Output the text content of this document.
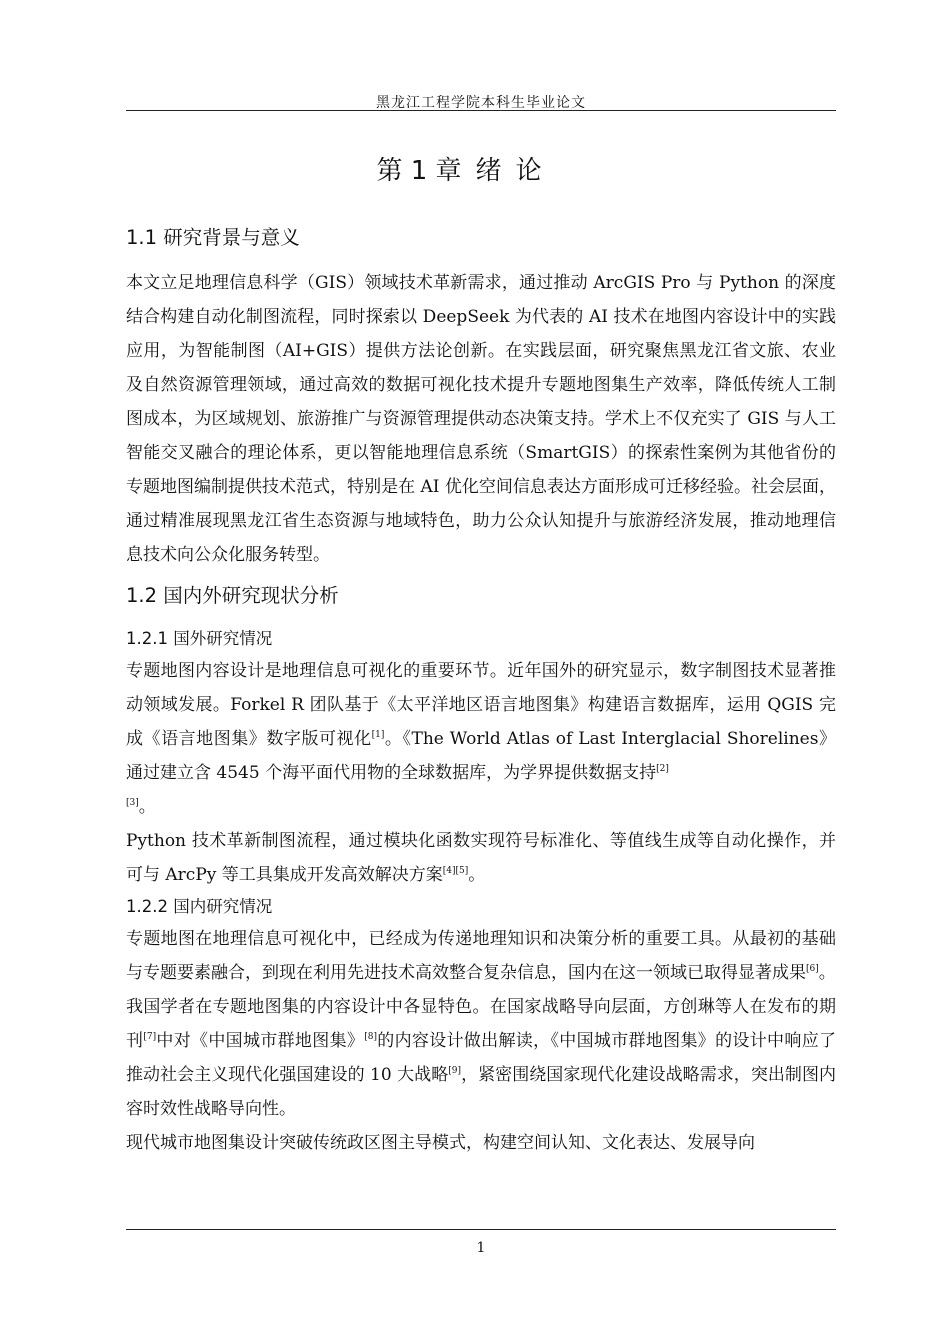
黑龙江工程学院本科生毕业论文
第 1 章 绪 论
1.1 研究背景与意义

本文立足地理信息科学（GIS）领域技术革新需求，通过推动 ArcGIS Pro 与 Python 的深度结合构建自动化制图流程，同时探索以 DeepSeek 为代表的 AI 技术在地图内容设计中的实践应用，为智能制图（AI+GIS）提供方法论创新。在实践层面，研究聚焦黑龙江省文旅、农业及自然资源管理领域，通过高效的数据可视化技术提升专题地图集生产效率，降低传统人工制图成本，为区域规划、旅游推广与资源管理提供动态决策支持。学术上不仅充实了 GIS 与人工智能交叉融合的理论体系，更以智能地理信息系统（SmartGIS）的探索性案例为其他省份的专题地图编制提供技术范式，特别是在 AI 优化空间信息表达方面形成可迁移经验。社会层面，通过精准展现黑龙江省生态资源与地域特色，助力公众认知提升与旅游经济发展，推动地理信息技术向公众化服务转型。

1.2 国内外研究现状分析
1.2.1 国外研究情况

专题地图内容设计是地理信息可视化的重要环节。近年国外的研究显示，数字制图技术显著推动领域发展。Forkel R 团队基于《太平洋地区语言地图集》构建语言数据库，运用 QGIS 完成《语言地图集》数字版可视化[1]。《The World Atlas of Last Interglacial Shorelines》通过建立含 4545 个海平面代用物的全球数据库，为学界提供数据支持[2]
[3]。

Python 技术革新制图流程，通过模块化函数实现符号标准化、等值线生成等自动化操作，并可与 ArcPy 等工具集成开发高效解决方案[4][5]。

1.2.2 国内研究情况

专题地图在地理信息可视化中，已经成为传递地理知识和决策分析的重要工具。从最初的基础与专题要素融合，到现在利用先进技术高效整合复杂信息，国内在这一领域已取得显著成果[6]。

我国学者在专题地图集的内容设计中各显特色。在国家战略导向层面，方创琳等人在发布的期刊[7]中对《中国城市群地图集》[8]的内容设计做出解读，《中国城市群地图集》的设计中响应了推动社会主义现代化强国建设的 10 大战略[9]，紧密围绕国家现代化建设战略需求，突出制图内容时效性战略导向性。

现代城市地图集设计突破传统政区图主导模式，构建空间认知、文化表达、发展导向

1
